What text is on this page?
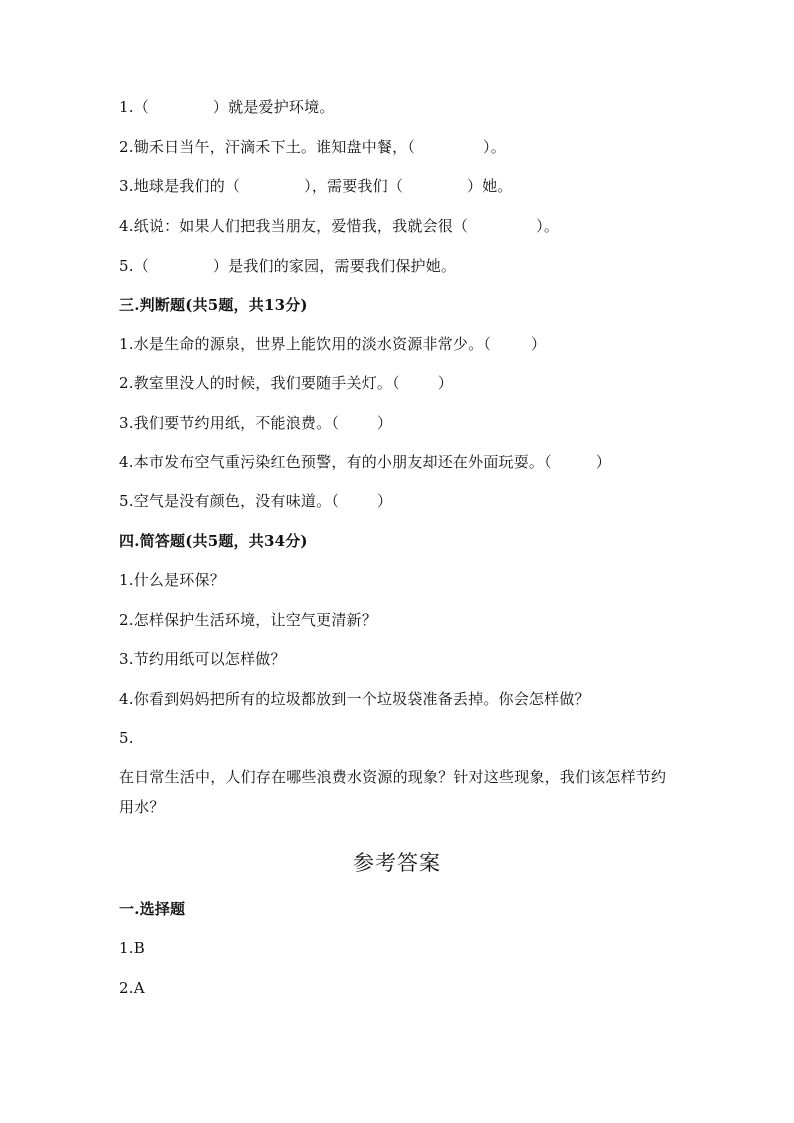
1.（	）就是爱护环境。
2.锄禾日当午，汗滴禾下土。谁知盘中餐，（	）。
3.地球是我们的（	），需要我们（	）她。
4.纸说：如果人们把我当朋友，爱惜我，我就会很（	）。
5.（	）是我们的家园，需要我们保护她。
三.判断题(共5题，共13分)
1.水是生命的源泉，世界上能饮用的淡水资源非常少。（	）
2.教室里没人的时候，我们要随手关灯。（	）
3.我们要节约用纸，不能浪费。（	）
4.本市发布空气重污染红色预警，有的小朋友却还在外面玩耍。（	）
5.空气是没有颜色，没有味道。（	）
四.简答题(共5题，共34分)
1.什么是环保？
2.怎样保护生活环境，让空气更清新？
3.节约用纸可以怎样做？
4.你看到妈妈把所有的垃圾都放到一个垃圾袋准备丢掉。你会怎样做？
5.
在日常生活中，人们存在哪些浪费水资源的现象？针对这些现象，我们该怎样节约用水？
参考答案
一.选择题
1.B
2.A
